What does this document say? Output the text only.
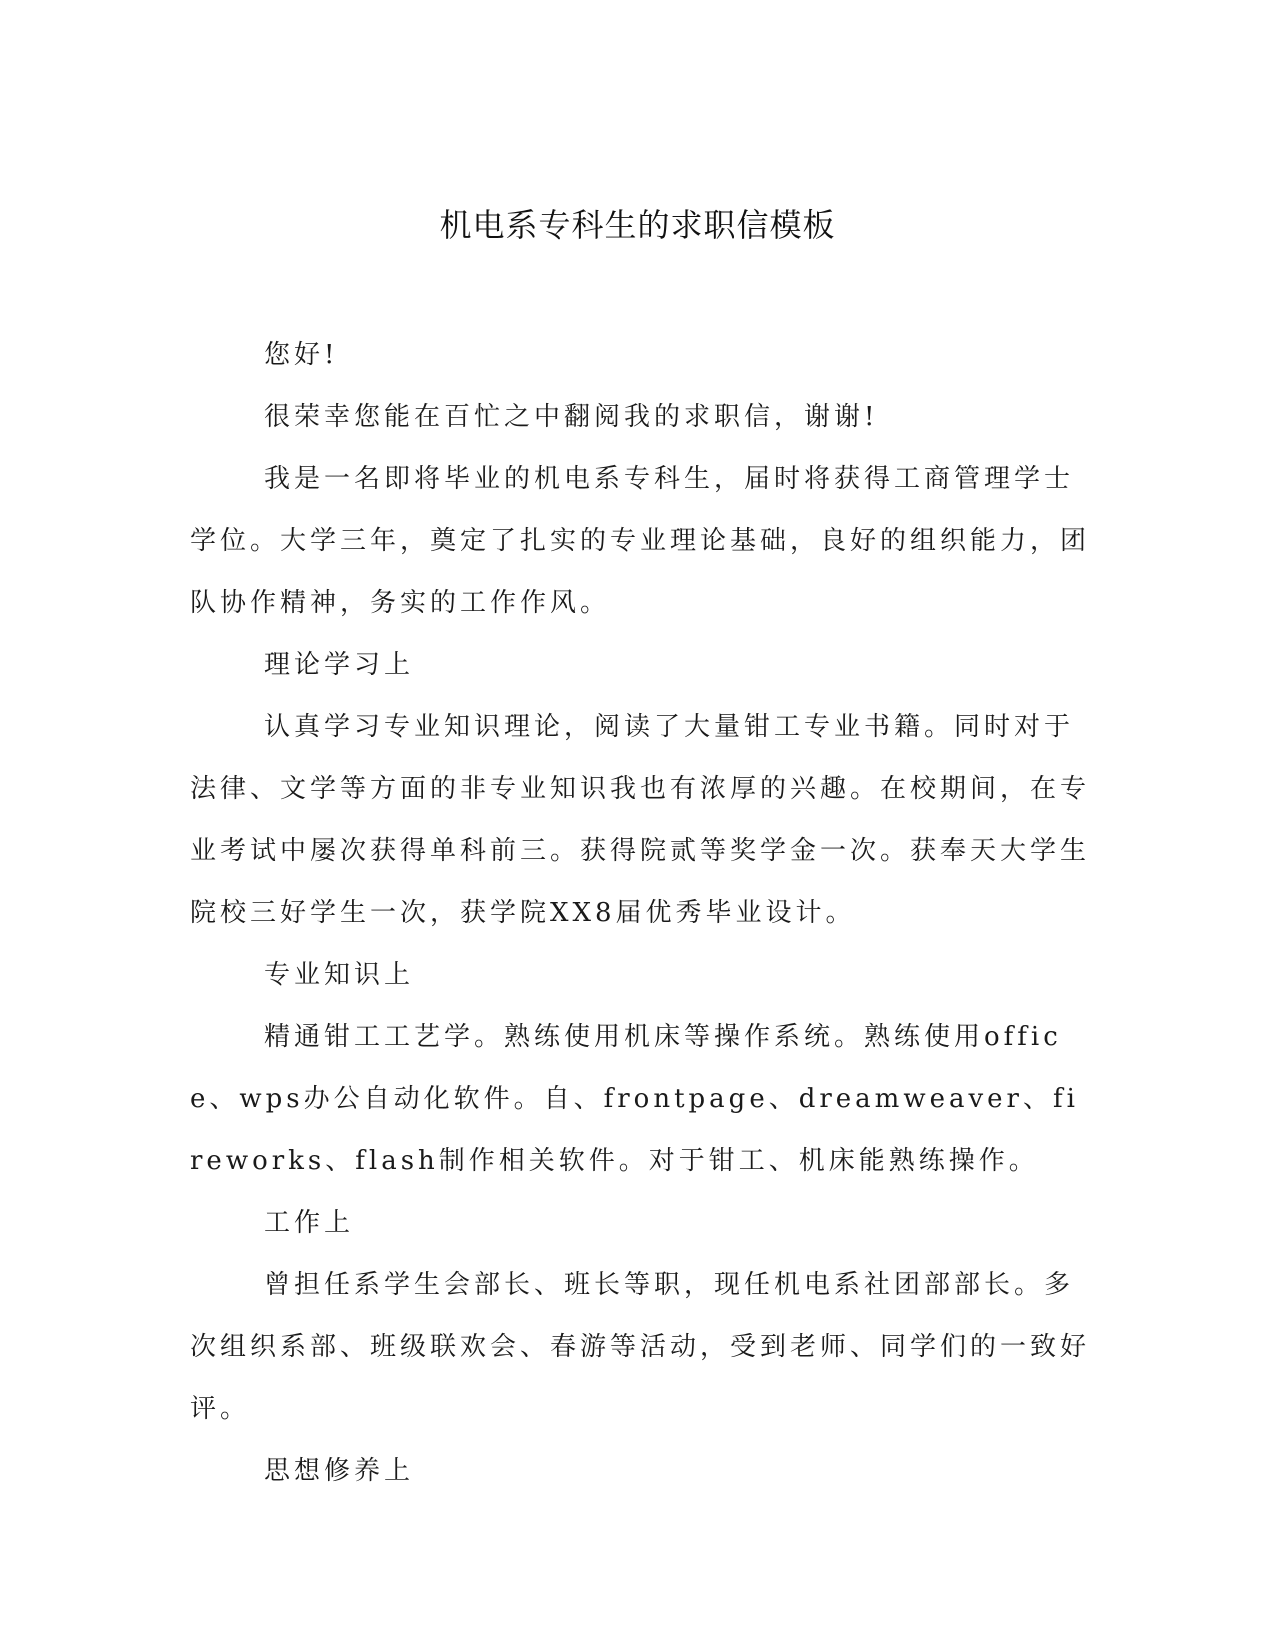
机电系专科生的求职信模板

您好!

很荣幸您能在百忙之中翻阅我的求职信，谢谢!

我是一名即将毕业的机电系专科生，届时将获得工商管理学士学位。大学三年，奠定了扎实的专业理论基础，良好的组织能力，团队协作精神，务实的工作作风。

理论学习上

认真学习专业知识理论，阅读了大量钳工专业书籍。同时对于法律、文学等方面的非专业知识我也有浓厚的兴趣。在校期间，在专业考试中屡次获得单科前三。获得院贰等奖学金一次。获奉天大学生院校三好学生一次，获学院XX8届优秀毕业设计。

专业知识上

精通钳工工艺学。熟练使用机床等操作系统。熟练使用office、wps办公自动化软件。自、frontpage、dreamweaver、fireworks、flash制作相关软件。对于钳工、机床能熟练操作。

工作上

曾担任系学生会部长、班长等职，现任机电系社团部部长。多次组织系部、班级联欢会、春游等活动，受到老师、同学们的一致好评。

思想修养上
